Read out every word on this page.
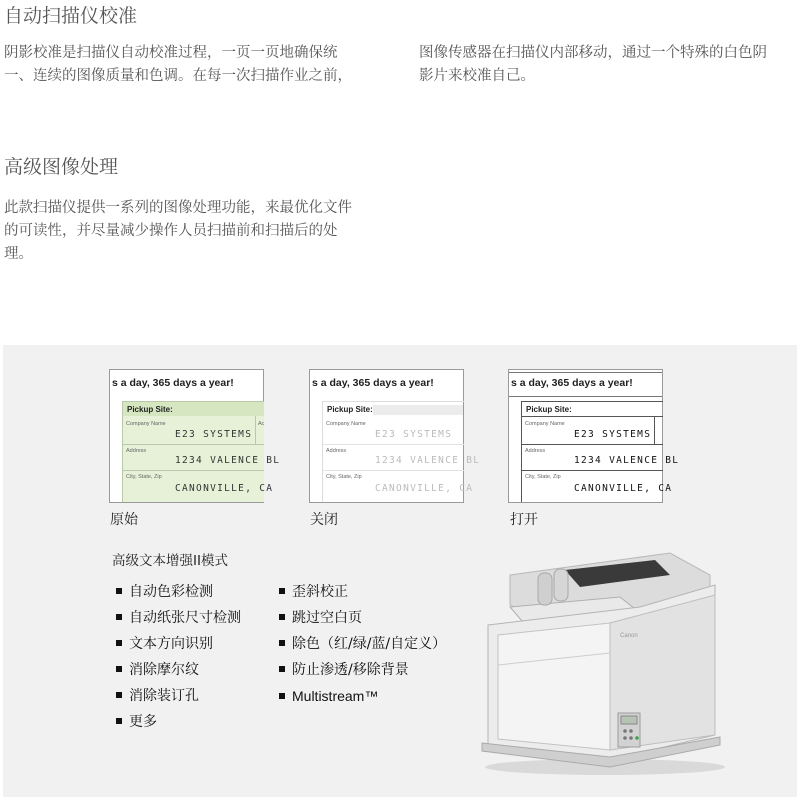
自动扫描仪校准
阴影校准是扫描仪自动校准过程，一页一页地确保统
一、连续的图像质量和色调。在每一次扫描作业之前，
图像传感器在扫描仪内部移动，通过一个特殊的白色阴
影片来校准自己。
高级图像处理
此款扫描仪提供一系列的图像处理功能，来最优化文件
的可读性，并尽量减少操作人员扫描前和扫描后的处
理。
s a day, 365 days a year!
Pickup Site:
Company Name	Ac
E23 SYSTEMS
Address
1234 VALENCE BL
City, State, Zip
CANONVILLE, CA
原始
s a day, 365 days a year!
Pickup Site:
Company Name
E23 SYSTEMS
Address
1234 VALENCE BL
City, State, Zip
CANONVILLE, CA
关闭
s a day, 365 days a year!
Pickup Site:
Company Name
E23 SYSTEMS
Address
1234 VALENCE BL
City, State, Zip
CANONVILLE, CA
打开
高级文本增强II模式
自动色彩检测
自动纸张尺寸检测
文本方向识别
消除摩尔纹
消除装订孔
更多
歪斜校正
跳过空白页
除色（红/绿/蓝/自定义）
防止渗透/移除背景
Multistream™
Canon
